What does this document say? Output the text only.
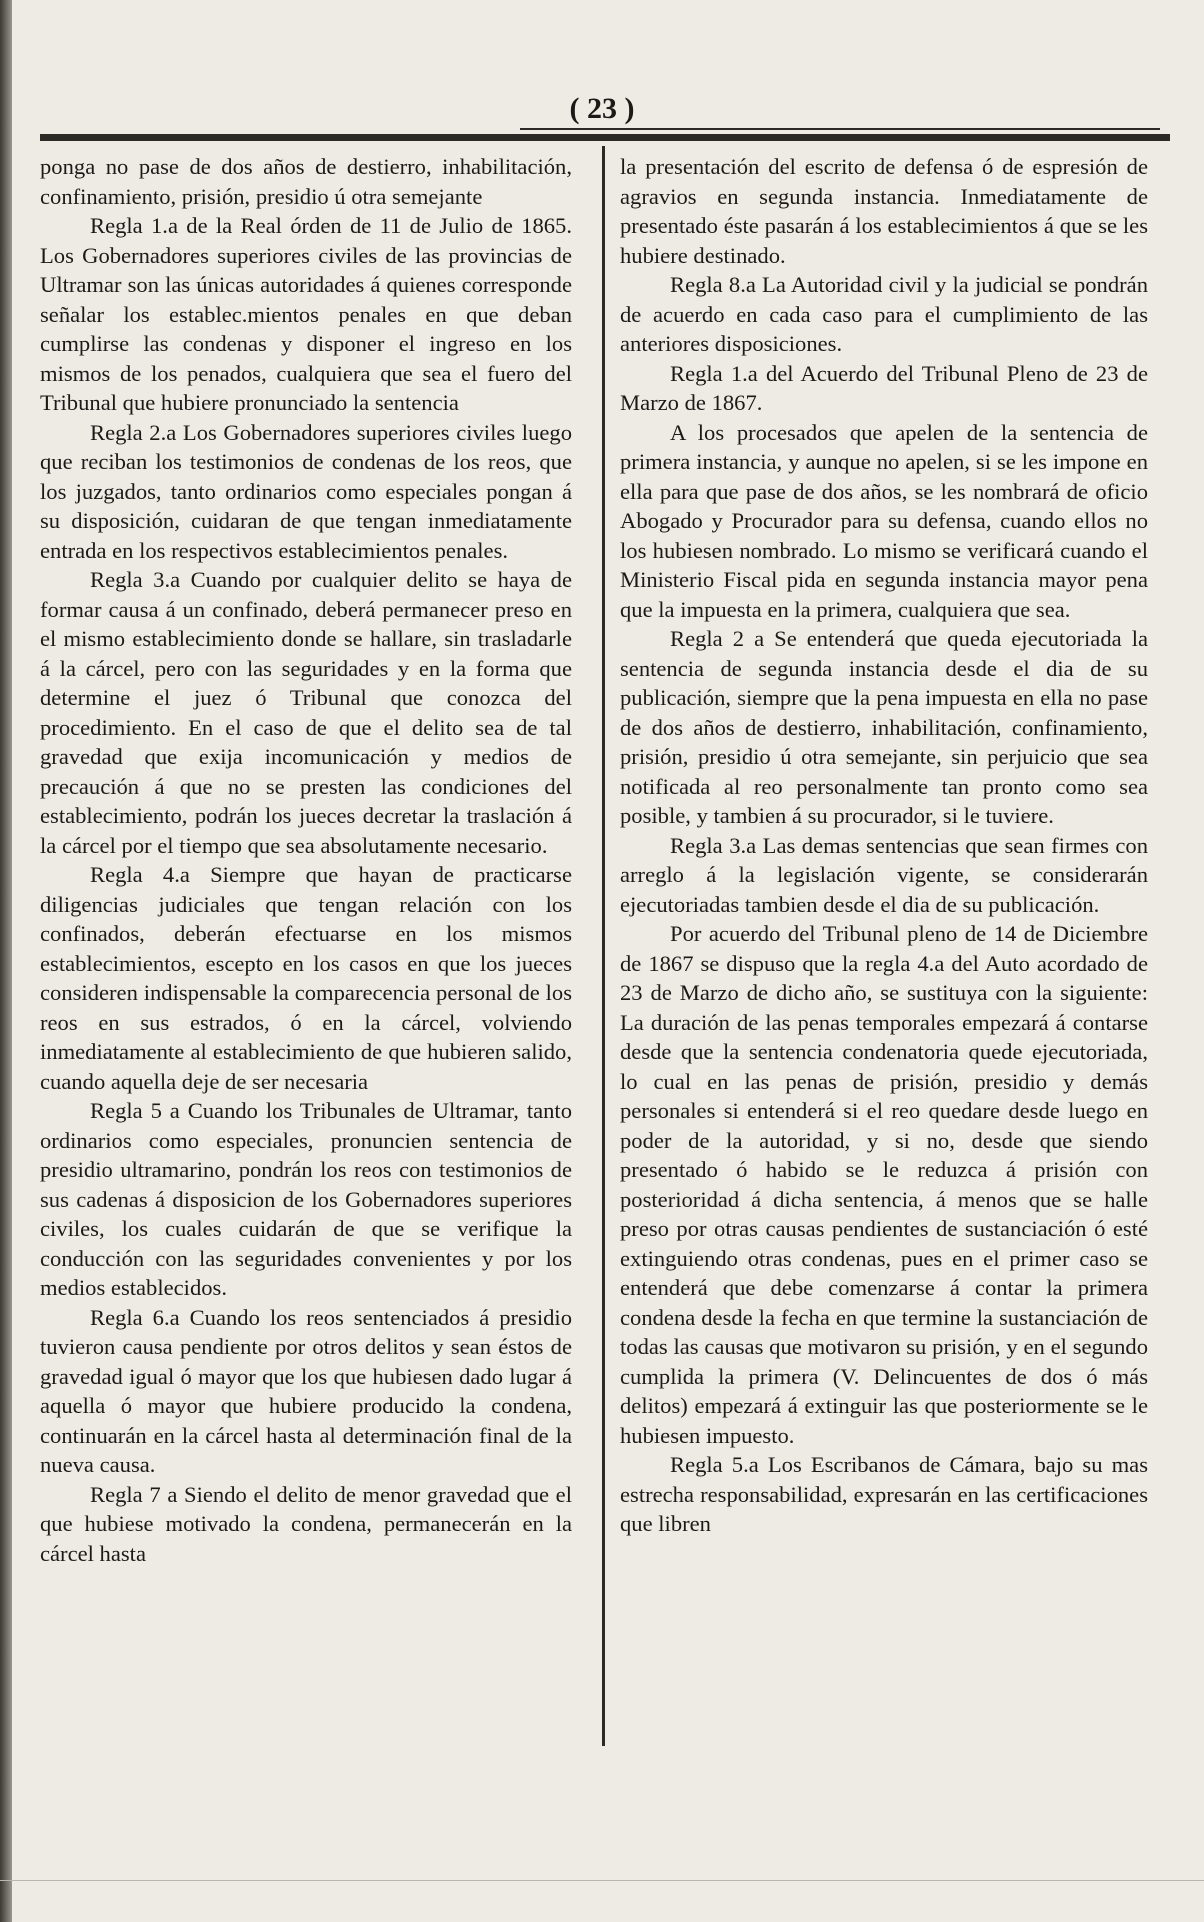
( 23 )

ponga no pase de dos años de destierro, inhabilitación, confinamiento, prisión, presidio ú otra semejante

Regla 1.a de la Real órden de 11 de Julio de 1865. Los Gobernadores superiores civiles de las provincias de Ultramar son las únicas autoridades á quienes corresponde señalar los establec.mientos penales en que deban cumplirse las condenas y disponer el ingreso en los mismos de los penados, cualquiera que sea el fuero del Tribunal que hubiere pronunciado la sentencia

Regla 2.a Los Gobernadores superiores civiles luego que reciban los testimonios de condenas de los reos, que los juzgados, tanto ordinarios como especiales pongan á su disposición, cuidaran de que tengan inmediatamente entrada en los respectivos establecimientos penales.

Regla 3.a Cuando por cualquier delito se haya de formar causa á un confinado, deberá permanecer preso en el mismo establecimiento donde se hallare, sin trasladarle á la cárcel, pero con las seguridades y en la forma que determine el juez ó Tribunal que conozca del procedimiento. En el caso de que el delito sea de tal gravedad que exija incomunicación y medios de precaución á que no se presten las condiciones del establecimiento, podrán los jueces decretar la traslación á la cárcel por el tiempo que sea absolutamente necesario.

Regla 4.a Siempre que hayan de practicarse diligencias judiciales que tengan relación con los confinados, deberán efectuarse en los mismos establecimientos, escepto en los casos en que los jueces consideren indispensable la comparecencia personal de los reos en sus estrados, ó en la cárcel, volviendo inmediatamente al establecimiento de que hubieren salido, cuando aquella deje de ser necesaria

Regla 5 a Cuando los Tribunales de Ultramar, tanto ordinarios como especiales, pronuncien sentencia de presidio ultramarino, pondrán los reos con testimonios de sus cadenas á disposicion de los Gobernadores superiores civiles, los cuales cuidarán de que se verifique la conducción con las seguridades convenientes y por los medios establecidos.

Regla 6.a Cuando los reos sentenciados á presidio tuvieron causa pendiente por otros delitos y sean éstos de gravedad igual ó mayor que los que hubiesen dado lugar á aquella ó mayor que hubiere producido la condena, continuarán en la cárcel hasta al determinación final de la nueva causa.

Regla 7 a Siendo el delito de menor gravedad que el que hubiese motivado la condena, permanecerán en la cárcel hasta

la presentación del escrito de defensa ó de espresión de agravios en segunda instancia. Inmediatamente de presentado éste pasarán á los establecimientos á que se les hubiere destinado.

Regla 8.a La Autoridad civil y la judicial se pondrán de acuerdo en cada caso para el cumplimiento de las anteriores disposiciones.

Regla 1.a del Acuerdo del Tribunal Pleno de 23 de Marzo de 1867.

A los procesados que apelen de la sentencia de primera instancia, y aunque no apelen, si se les impone en ella para que pase de dos años, se les nombrará de oficio Abogado y Procurador para su defensa, cuando ellos no los hubiesen nombrado. Lo mismo se verificará cuando el Ministerio Fiscal pida en segunda instancia mayor pena que la impuesta en la primera, cualquiera que sea.

Regla 2 a Se entenderá que queda ejecutoriada la sentencia de segunda instancia desde el dia de su publicación, siempre que la pena impuesta en ella no pase de dos años de destierro, inhabilitación, confinamiento, prisión, presidio ú otra semejante, sin perjuicio que sea notificada al reo personalmente tan pronto como sea posible, y tambien á su procurador, si le tuviere.

Regla 3.a Las demas sentencias que sean firmes con arreglo á la legislación vigente, se considerarán ejecutoriadas tambien desde el dia de su publicación.

Por acuerdo del Tribunal pleno de 14 de Diciembre de 1867 se dispuso que la regla 4.a del Auto acordado de 23 de Marzo de dicho año, se sustituya con la siguiente: La duración de las penas temporales empezará á contarse desde que la sentencia condenatoria quede ejecutoriada, lo cual en las penas de prisión, presidio y demás personales si entenderá si el reo quedare desde luego en poder de la autoridad, y si no, desde que siendo presentado ó habido se le reduzca á prisión con posterioridad á dicha sentencia, á menos que se halle preso por otras causas pendientes de sustanciación ó esté extinguiendo otras condenas, pues en el primer caso se entenderá que debe comenzarse á contar la primera condena desde la fecha en que termine la sustanciación de todas las causas que motivaron su prisión, y en el segundo cumplida la primera (V. Delincuentes de dos ó más delitos) empezará á extinguir las que posteriormente se le hubiesen impuesto.

Regla 5.a Los Escribanos de Cámara, bajo su mas estrecha responsabilidad, expresarán en las certificaciones que libren
